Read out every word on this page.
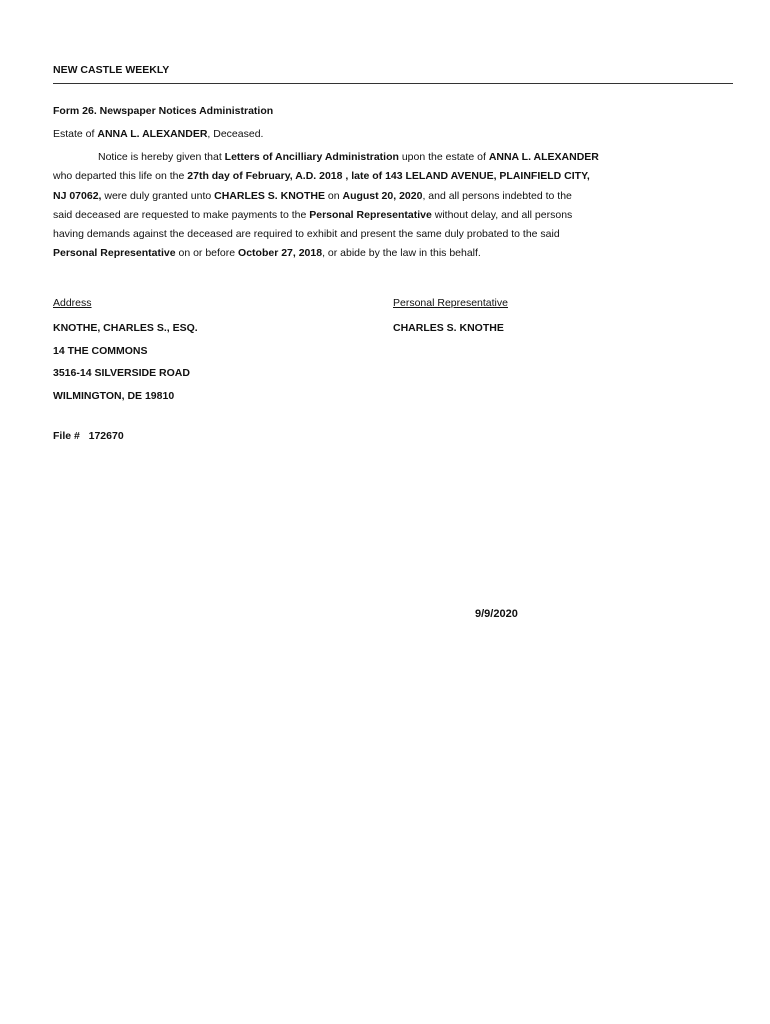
NEW CASTLE WEEKLY
Form 26. Newspaper Notices Administration
Estate of ANNA L. ALEXANDER, Deceased.
Notice is hereby given that Letters of Ancilliary Administration upon the estate of ANNA L. ALEXANDER
who departed this life on the 27th day of February, A.D. 2018 , late of 143 LELAND AVENUE, PLAINFIELD CITY,
NJ 07062, were duly granted unto CHARLES S. KNOTHE on August 20, 2020, and all persons indebted to the
said deceased are requested to make payments to the Personal Representative without delay, and all persons
having demands against the deceased are required to exhibit and present the same duly probated to the said
Personal Representative on or before October 27, 2018, or abide by the law in this behalf.
Address	Personal Representative
KNOTHE, CHARLES S., ESQ.	CHARLES S. KNOTHE
14 THE COMMONS
3516-14 SILVERSIDE ROAD
WILMINGTON, DE 19810
File # 172670
9/9/2020
